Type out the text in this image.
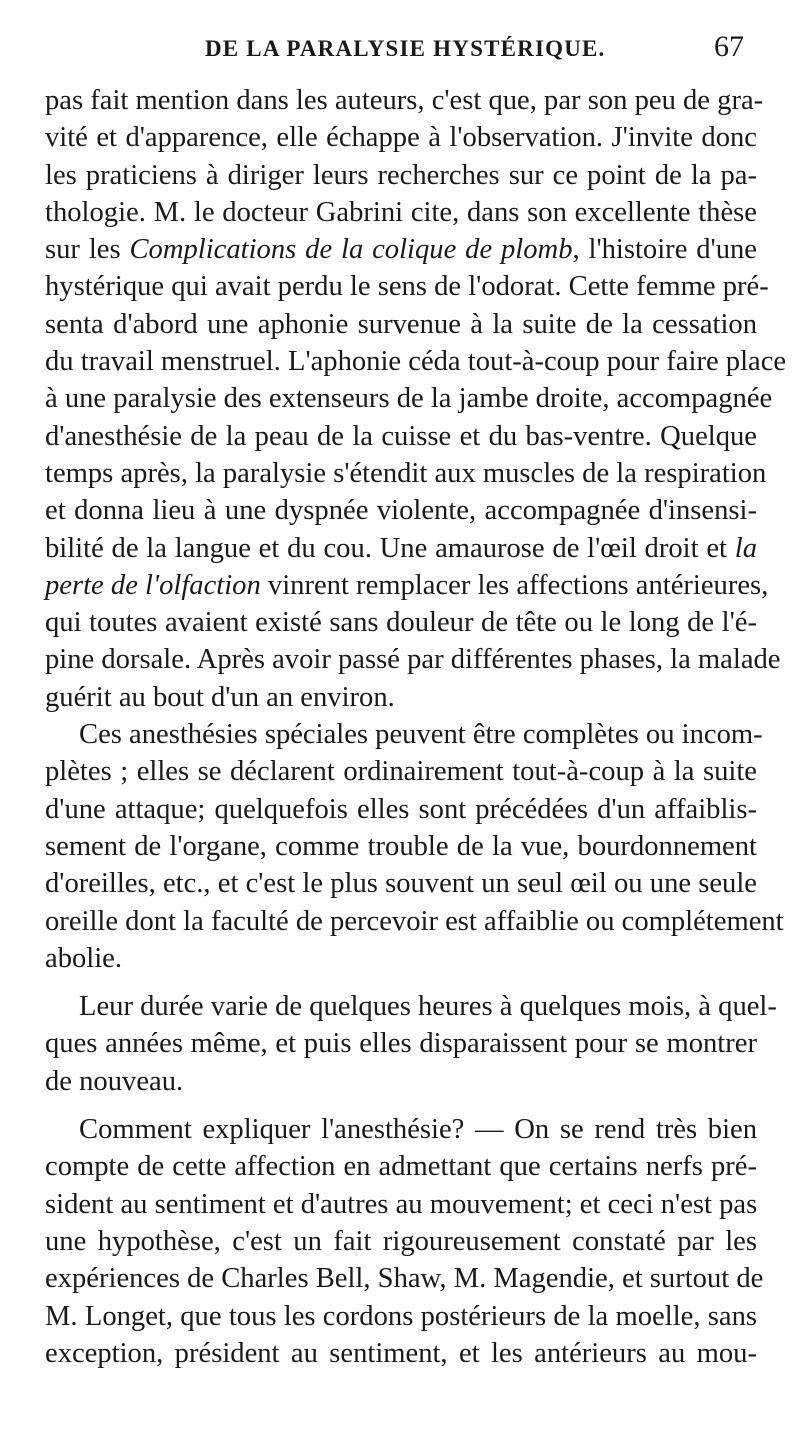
DE LA PARALYSIE HYSTÉRIQUE.	67
pas fait mention dans les auteurs, c'est que, par son peu de gra-
vité et d'apparence, elle échappe à l'observation. J'invite donc
les praticiens à diriger leurs recherches sur ce point de la pa-
thologie. M. le docteur Gabrini cite, dans son excellente thèse
sur les Complications de la colique de plomb, l'histoire d'une
hystérique qui avait perdu le sens de l'odorat. Cette femme pré-
senta d'abord une aphonie survenue à la suite de la cessation
du travail menstruel. L'aphonie céda tout-à-coup pour faire place
à une paralysie des extenseurs de la jambe droite, accompagnée
d'anesthésie de la peau de la cuisse et du bas-ventre. Quelque
temps après, la paralysie s'étendit aux muscles de la respiration
et donna lieu à une dyspnée violente, accompagnée d'insensi-
bilité de la langue et du cou. Une amaurose de l'œil droit et la
perte de l'olfaction vinrent remplacer les affections antérieures,
qui toutes avaient existé sans douleur de tête ou le long de l'é-
pine dorsale. Après avoir passé par différentes phases, la malade
guérit au bout d'un an environ.
Ces anesthésies spéciales peuvent être complètes ou incom-
plètes ; elles se déclarent ordinairement tout-à-coup à la suite
d'une attaque; quelquefois elles sont précédées d'un affaiblis-
sement de l'organe, comme trouble de la vue, bourdonnement
d'oreilles, etc., et c'est le plus souvent un seul œil ou une seule
oreille dont la faculté de percevoir est affaiblie ou complétement
abolie.
Leur durée varie de quelques heures à quelques mois, à quel-
ques années même, et puis elles disparaissent pour se montrer
de nouveau.
Comment expliquer l'anesthésie? — On se rend très bien
compte de cette affection en admettant que certains nerfs pré-
sident au sentiment et d'autres au mouvement; et ceci n'est pas
une hypothèse, c'est un fait rigoureusement constaté par les
expériences de Charles Bell, Shaw, M. Magendie, et surtout de
M. Longet, que tous les cordons postérieurs de la moelle, sans
exception, président au sentiment, et les antérieurs au mou-
